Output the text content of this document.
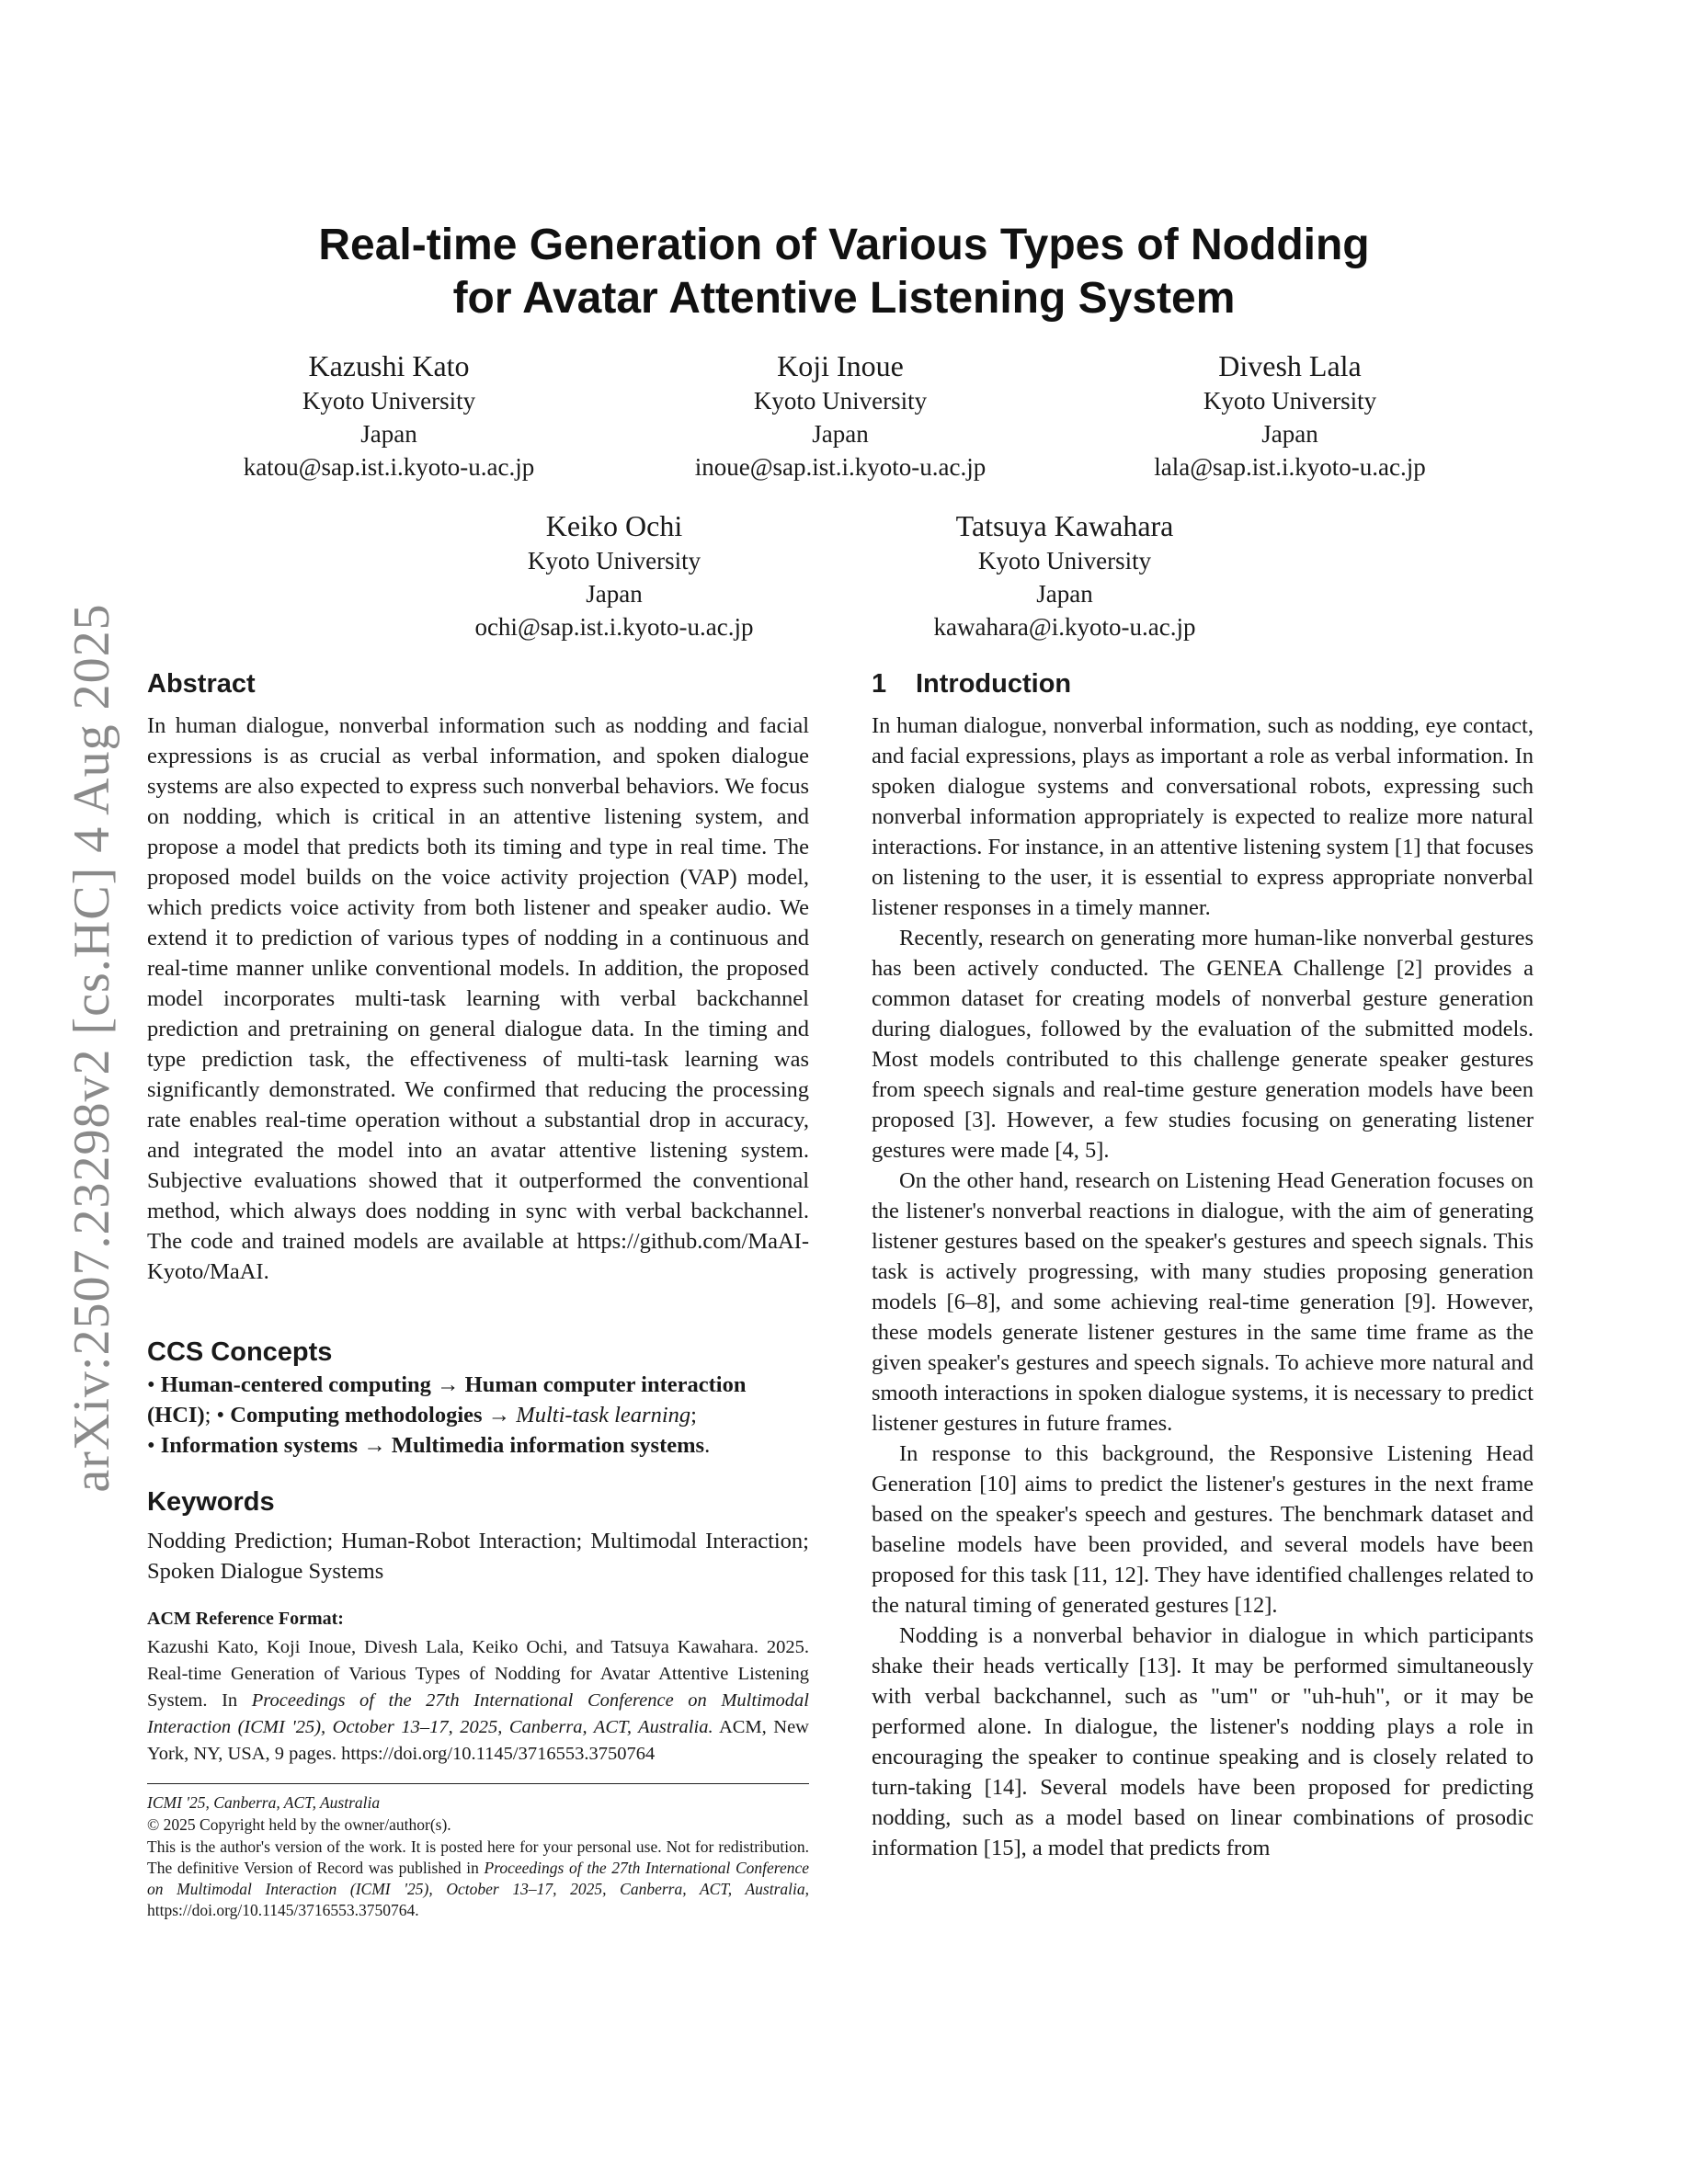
arXiv:2507.23298v2 [cs.HC] 4 Aug 2025
Real-time Generation of Various Types of Nodding
for Avatar Attentive Listening System
Kazushi Kato
Kyoto University
Japan
katou@sap.ist.i.kyoto-u.ac.jp
Koji Inoue
Kyoto University
Japan
inoue@sap.ist.i.kyoto-u.ac.jp
Divesh Lala
Kyoto University
Japan
lala@sap.ist.i.kyoto-u.ac.jp
Keiko Ochi
Kyoto University
Japan
ochi@sap.ist.i.kyoto-u.ac.jp
Tatsuya Kawahara
Kyoto University
Japan
kawahara@i.kyoto-u.ac.jp
Abstract

In human dialogue, nonverbal information such as nodding and facial expressions is as crucial as verbal information, and spoken dialogue systems are also expected to express such nonverbal behaviors. We focus on nodding, which is critical in an attentive listening system, and propose a model that predicts both its timing and type in real time. The proposed model builds on the voice activity projection (VAP) model, which predicts voice activity from both listener and speaker audio. We extend it to prediction of various types of nodding in a continuous and real-time manner unlike conventional models. In addition, the proposed model incorporates multi-task learning with verbal backchannel prediction and pretraining on general dialogue data. In the timing and type prediction task, the effectiveness of multi-task learning was significantly demonstrated. We confirmed that reducing the processing rate enables real-time operation without a substantial drop in accuracy, and integrated the model into an avatar attentive listening system. Subjective evaluations showed that it outperformed the conventional method, which always does nodding in sync with verbal backchannel. The code and trained models are available at https://github.com/MaAI-Kyoto/MaAI.

CCS Concepts
• Human-centered computing → Human computer interaction (HCI); • Computing methodologies → Multi-task learning;
• Information systems → Multimedia information systems.
Keywords

Nodding Prediction; Human-Robot Interaction; Multimodal Interaction; Spoken Dialogue Systems

ACM Reference Format:
Kazushi Kato, Koji Inoue, Divesh Lala, Keiko Ochi, and Tatsuya Kawahara. 2025. Real-time Generation of Various Types of Nodding for Avatar Attentive Listening System. In Proceedings of the 27th International Conference on Multimodal Interaction (ICMI '25), October 13–17, 2025, Canberra, ACT, Australia. ACM, New York, NY, USA, 9 pages. https://doi.org/10.1145/3716553.3750764
ICMI '25, Canberra, ACT, Australia
© 2025 Copyright held by the owner/author(s).
This is the author's version of the work. It is posted here for your personal use. Not for redistribution. The definitive Version of Record was published in Proceedings of the 27th International Conference on Multimodal Interaction (ICMI '25), October 13–17, 2025, Canberra, ACT, Australia, https://doi.org/10.1145/3716553.3750764.
1 Introduction

In human dialogue, nonverbal information, such as nodding, eye contact, and facial expressions, plays as important a role as verbal information. In spoken dialogue systems and conversational robots, expressing such nonverbal information appropriately is expected to realize more natural interactions. For instance, in an attentive listening system [1] that focuses on listening to the user, it is essential to express appropriate nonverbal listener responses in a timely manner.

Recently, research on generating more human-like nonverbal gestures has been actively conducted. The GENEA Challenge [2] provides a common dataset for creating models of nonverbal gesture generation during dialogues, followed by the evaluation of the submitted models. Most models contributed to this challenge generate speaker gestures from speech signals and real-time gesture generation models have been proposed [3]. However, a few studies focusing on generating listener gestures were made [4, 5].

On the other hand, research on Listening Head Generation focuses on the listener's nonverbal reactions in dialogue, with the aim of generating listener gestures based on the speaker's gestures and speech signals. This task is actively progressing, with many studies proposing generation models [6–8], and some achieving real-time generation [9]. However, these models generate listener gestures in the same time frame as the given speaker's gestures and speech signals. To achieve more natural and smooth interactions in spoken dialogue systems, it is necessary to predict listener gestures in future frames.

In response to this background, the Responsive Listening Head Generation [10] aims to predict the listener's gestures in the next frame based on the speaker's speech and gestures. The benchmark dataset and baseline models have been provided, and several models have been proposed for this task [11, 12]. They have identified challenges related to the natural timing of generated gestures [12].

Nodding is a nonverbal behavior in dialogue in which participants shake their heads vertically [13]. It may be performed simultaneously with verbal backchannel, such as "um" or "uh-huh", or it may be performed alone. In dialogue, the listener's nodding plays a role in encouraging the speaker to continue speaking and is closely related to turn-taking [14]. Several models have been proposed for predicting nodding, such as a model based on linear combinations of prosodic information [15], a model that predicts from
